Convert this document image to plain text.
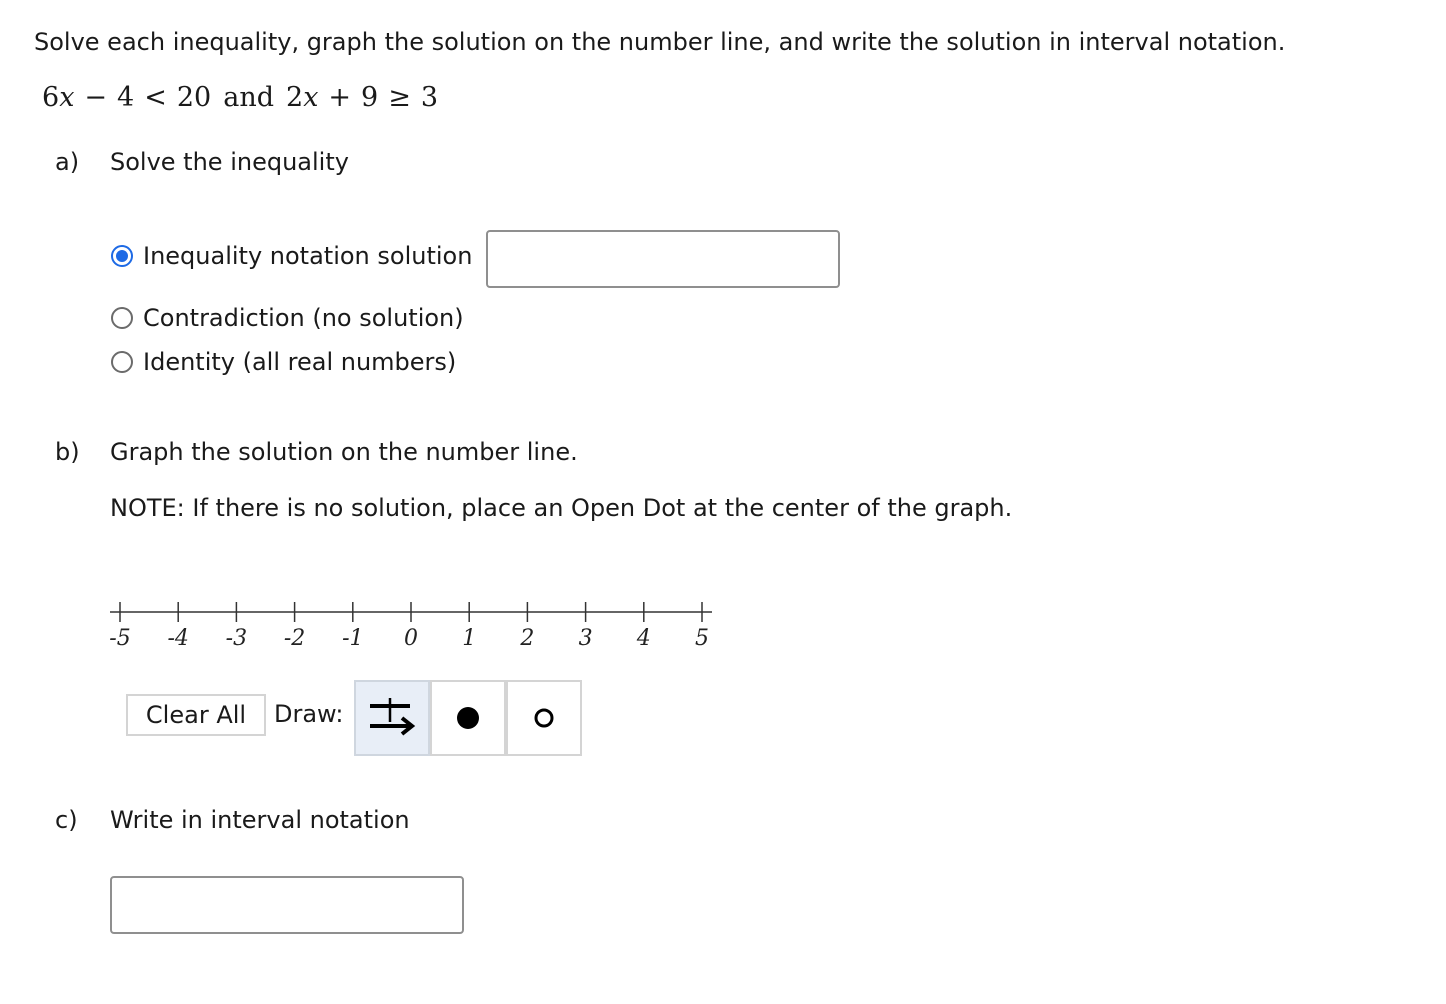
Solve each inequality, graph the solution on the number line, and write the solution in interval notation.
6 x − 4 < 20 and 2 x + 9 ≥ 3
a) Solve the inequality
Inequality notation solution
Contradiction (no solution)
Identity (all real numbers)
b) Graph the solution on the number line.
NOTE: If there is no solution, place an Open Dot at the center of the graph.
-5 -4 -3 -2 -1 0 1 2 3 4 5
Clear All	Draw:
c) Write in interval notation
